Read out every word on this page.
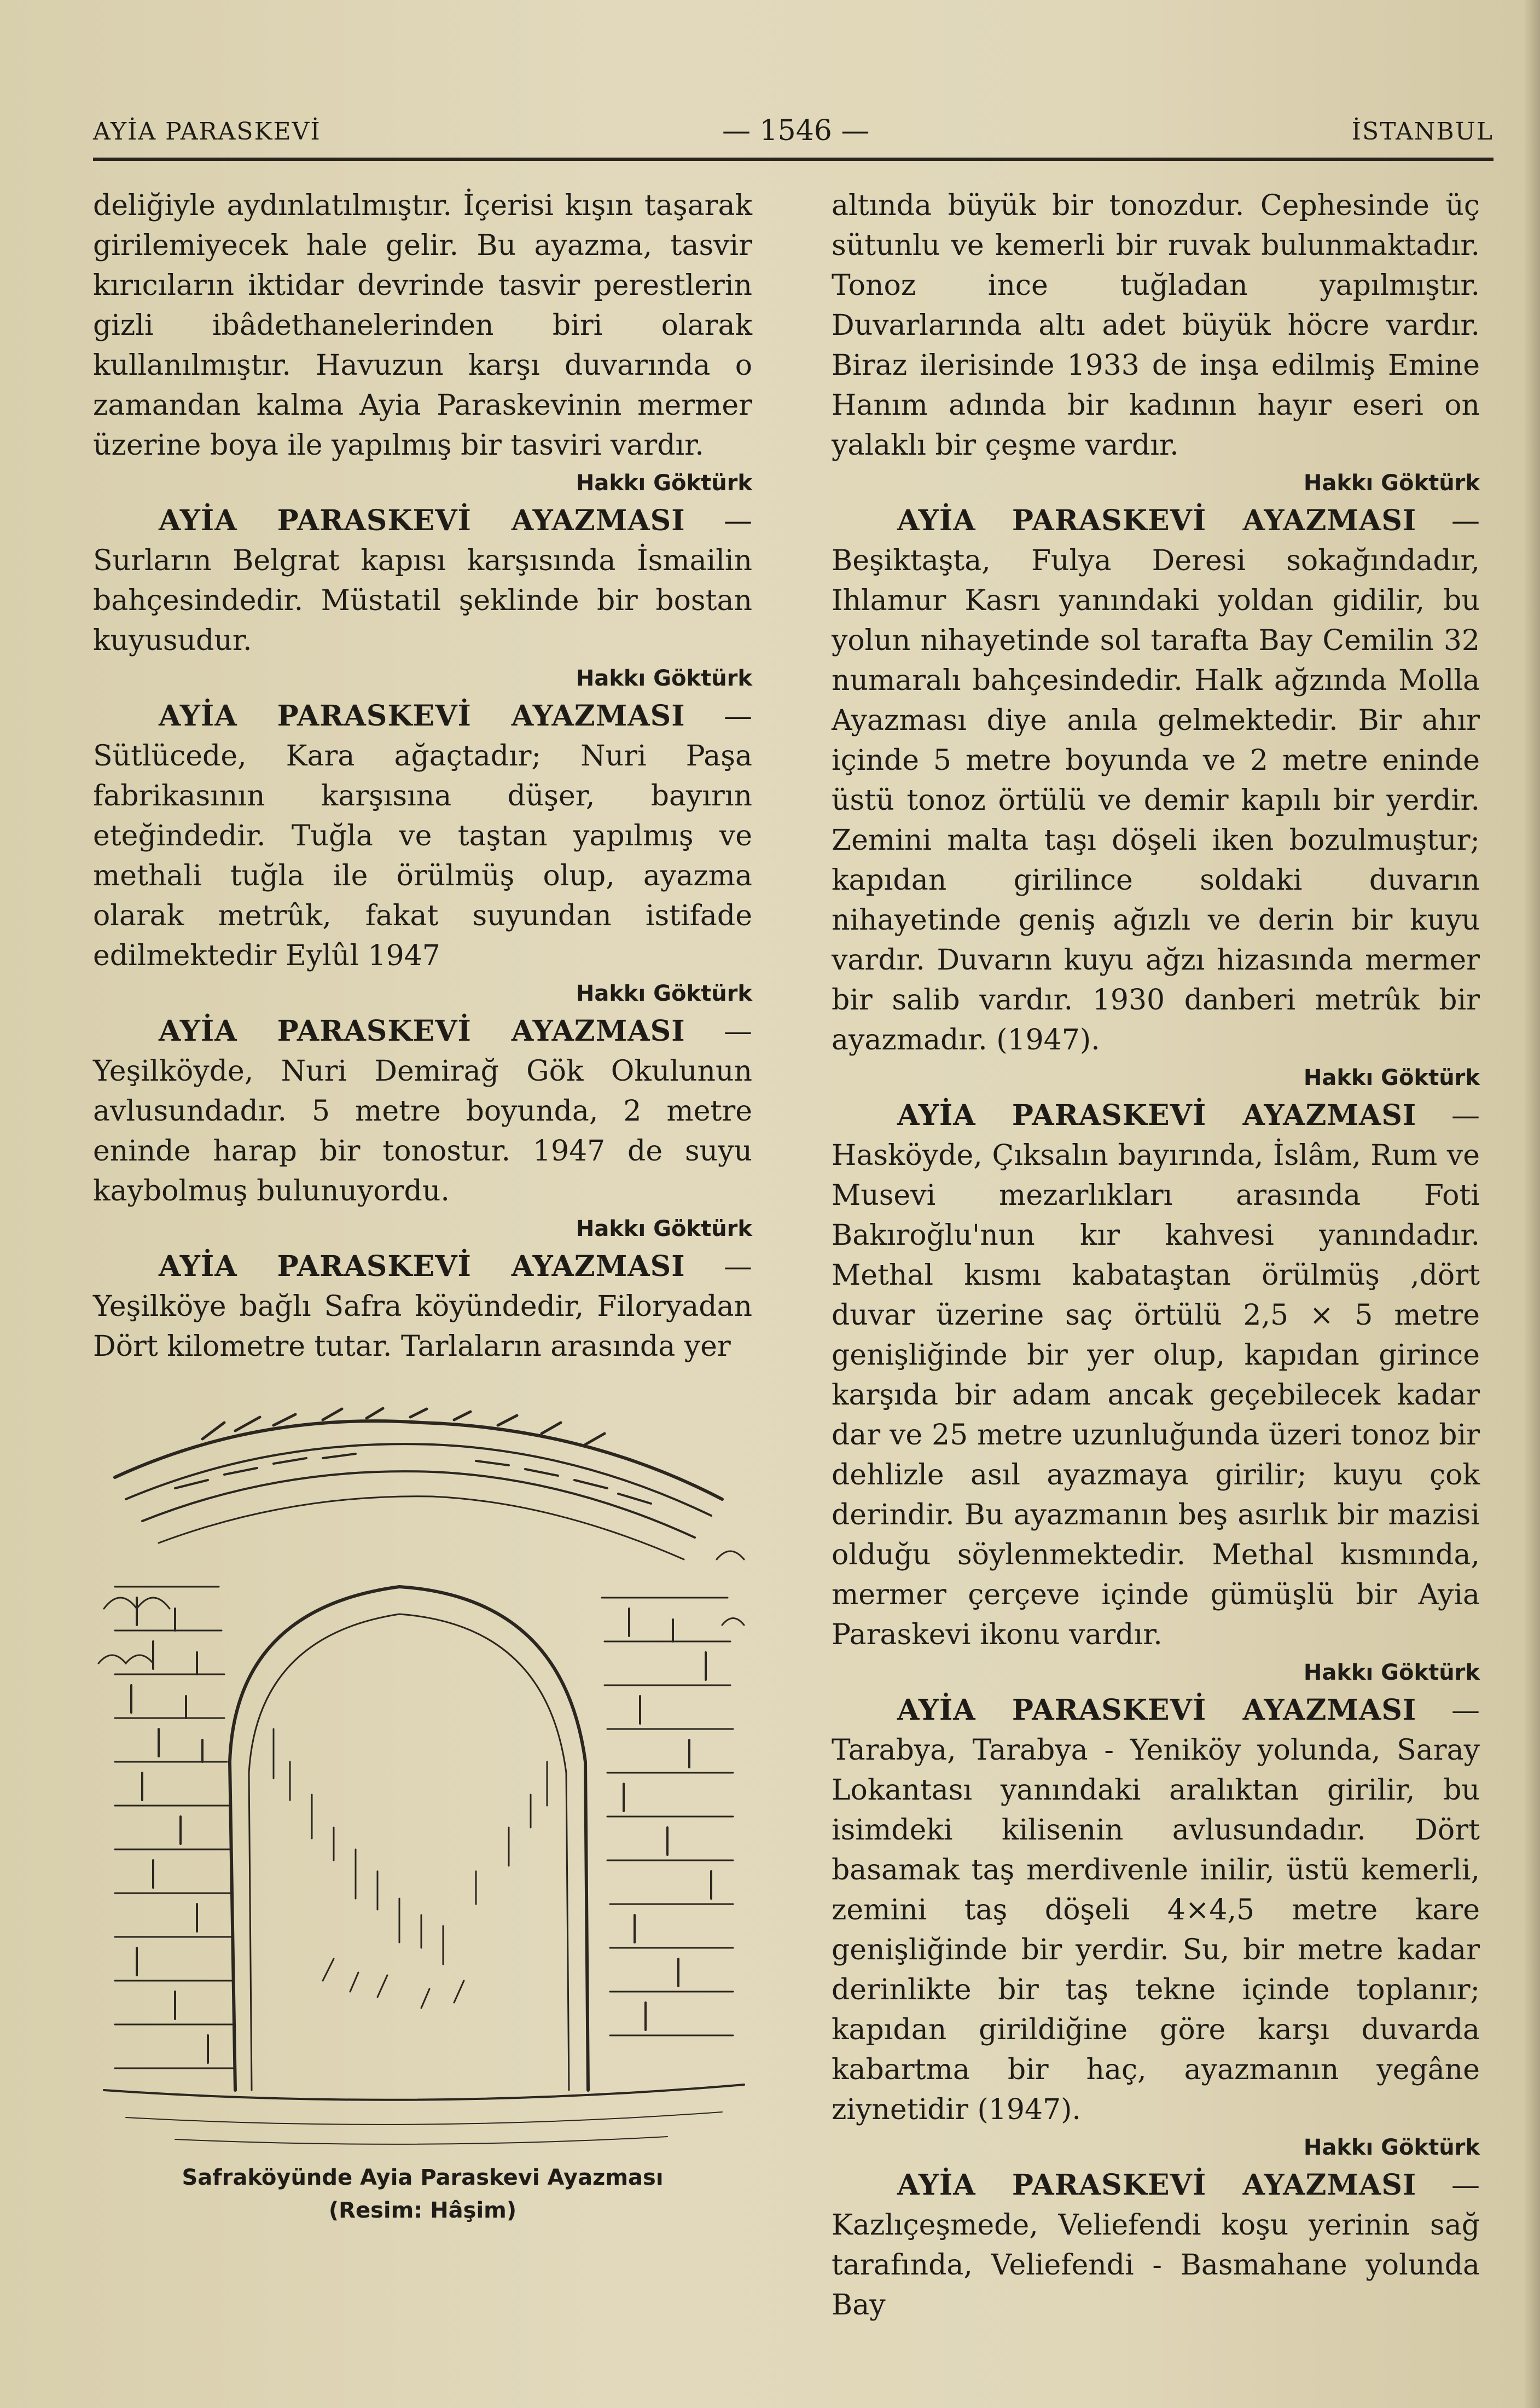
AYİA PARASKEVİ	— 1546 —	İSTANBUL

deliğiyle aydınlatılmıştır. İçerisi kışın taşarak girilemiyecek hale gelir. Bu ayazma, tasvir kırıcıların iktidar devrinde tasvir perestlerin gizli ibâdethanelerinden biri olarak kullanılmıştır. Havuzun karşı duvarında o zamandan kalma Ayia Paraskevinin mermer üzerine boya ile yapılmış bir tasviri vardır.

Hakkı Göktürk

AYİA PARASKEVİ AYAZMASI — Surların Belgrat kapısı karşısında İsmailin bahçesindedir. Müstatil şeklinde bir bostan kuyusudur.

Hakkı Göktürk

AYİA PARASKEVİ AYAZMASI — Sütlücede, Kara ağaçtadır; Nuri Paşa fabrikasının karşısına düşer, bayırın eteğindedir. Tuğla ve taştan yapılmış ve methali tuğla ile örülmüş olup, ayazma olarak metrûk, fakat suyundan istifade edilmektedir Eylûl 1947

Hakkı Göktürk

AYİA PARASKEVİ AYAZMASI — Yeşilköyde, Nuri Demirağ Gök Okulunun avlusundadır. 5 metre boyunda, 2 metre eninde harap bir tonostur. 1947 de suyu kaybolmuş bulunuyordu.

Hakkı Göktürk

AYİA PARASKEVİ AYAZMASI — Yeşilköye bağlı Safra köyündedir, Filoryadan Dört kilometre tutar. Tarlaların arasında yer

Safraköyünde Ayia Paraskevi Ayazması
(Resim: Hâşim)

altında büyük bir tonozdur. Cephesinde üç sütunlu ve kemerli bir ruvak bulunmaktadır. Tonoz ince tuğladan yapılmıştır. Duvarlarında altı adet büyük höcre vardır. Biraz ilerisinde 1933 de inşa edilmiş Emine Hanım adında bir kadının hayır eseri on yalaklı bir çeşme vardır.

Hakkı Göktürk

AYİA PARASKEVİ AYAZMASI — Beşiktaşta, Fulya Deresi sokağındadır, Ihlamur Kasrı yanındaki yoldan gidilir, bu yolun nihayetinde sol tarafta Bay Cemilin 32 numaralı bahçesindedir. Halk ağzında Molla Ayazması diye anıla gelmektedir. Bir ahır içinde 5 metre boyunda ve 2 metre eninde üstü tonoz örtülü ve demir kapılı bir yerdir. Zemini malta taşı döşeli iken bozulmuştur; kapıdan girilince soldaki duvarın nihayetinde geniş ağızlı ve derin bir kuyu vardır. Duvarın kuyu ağzı hizasında mermer bir salib vardır. 1930 danberi metrûk bir ayazmadır. (1947).

Hakkı Göktürk

AYİA PARASKEVİ AYAZMASI — Hasköyde, Çıksalın bayırında, İslâm, Rum ve Musevi mezarlıkları arasında Foti Bakıroğlu'nun kır kahvesi yanındadır. Methal kısmı kabataştan örülmüş ,dört duvar üzerine saç örtülü 2,5 × 5 metre genişliğinde bir yer olup, kapıdan girince karşıda bir adam ancak geçebilecek kadar dar ve 25 metre uzunluğunda üzeri tonoz bir dehlizle asıl ayazmaya girilir; kuyu çok derindir. Bu ayazmanın beş asırlık bir mazisi olduğu söylenmektedir. Methal kısmında, mermer çerçeve içinde gümüşlü bir Ayia Paraskevi ikonu vardır.

Hakkı Göktürk

AYİA PARASKEVİ AYAZMASI — Tarabya, Tarabya - Yeniköy yolunda, Saray Lokantası yanındaki aralıktan girilir, bu isimdeki kilisenin avlusundadır. Dört basamak taş merdivenle inilir, üstü kemerli, zemini taş döşeli 4×4,5 metre kare genişliğinde bir yerdir. Su, bir metre kadar derinlikte bir taş tekne içinde toplanır; kapıdan girildiğine göre karşı duvarda kabartma bir haç, ayazmanın yegâne ziynetidir (1947).

Hakkı Göktürk

AYİA PARASKEVİ AYAZMASI — Kazlıçeşmede, Veliefendi koşu yerinin sağ tarafında, Veliefendi - Basmahane yolunda Bay
